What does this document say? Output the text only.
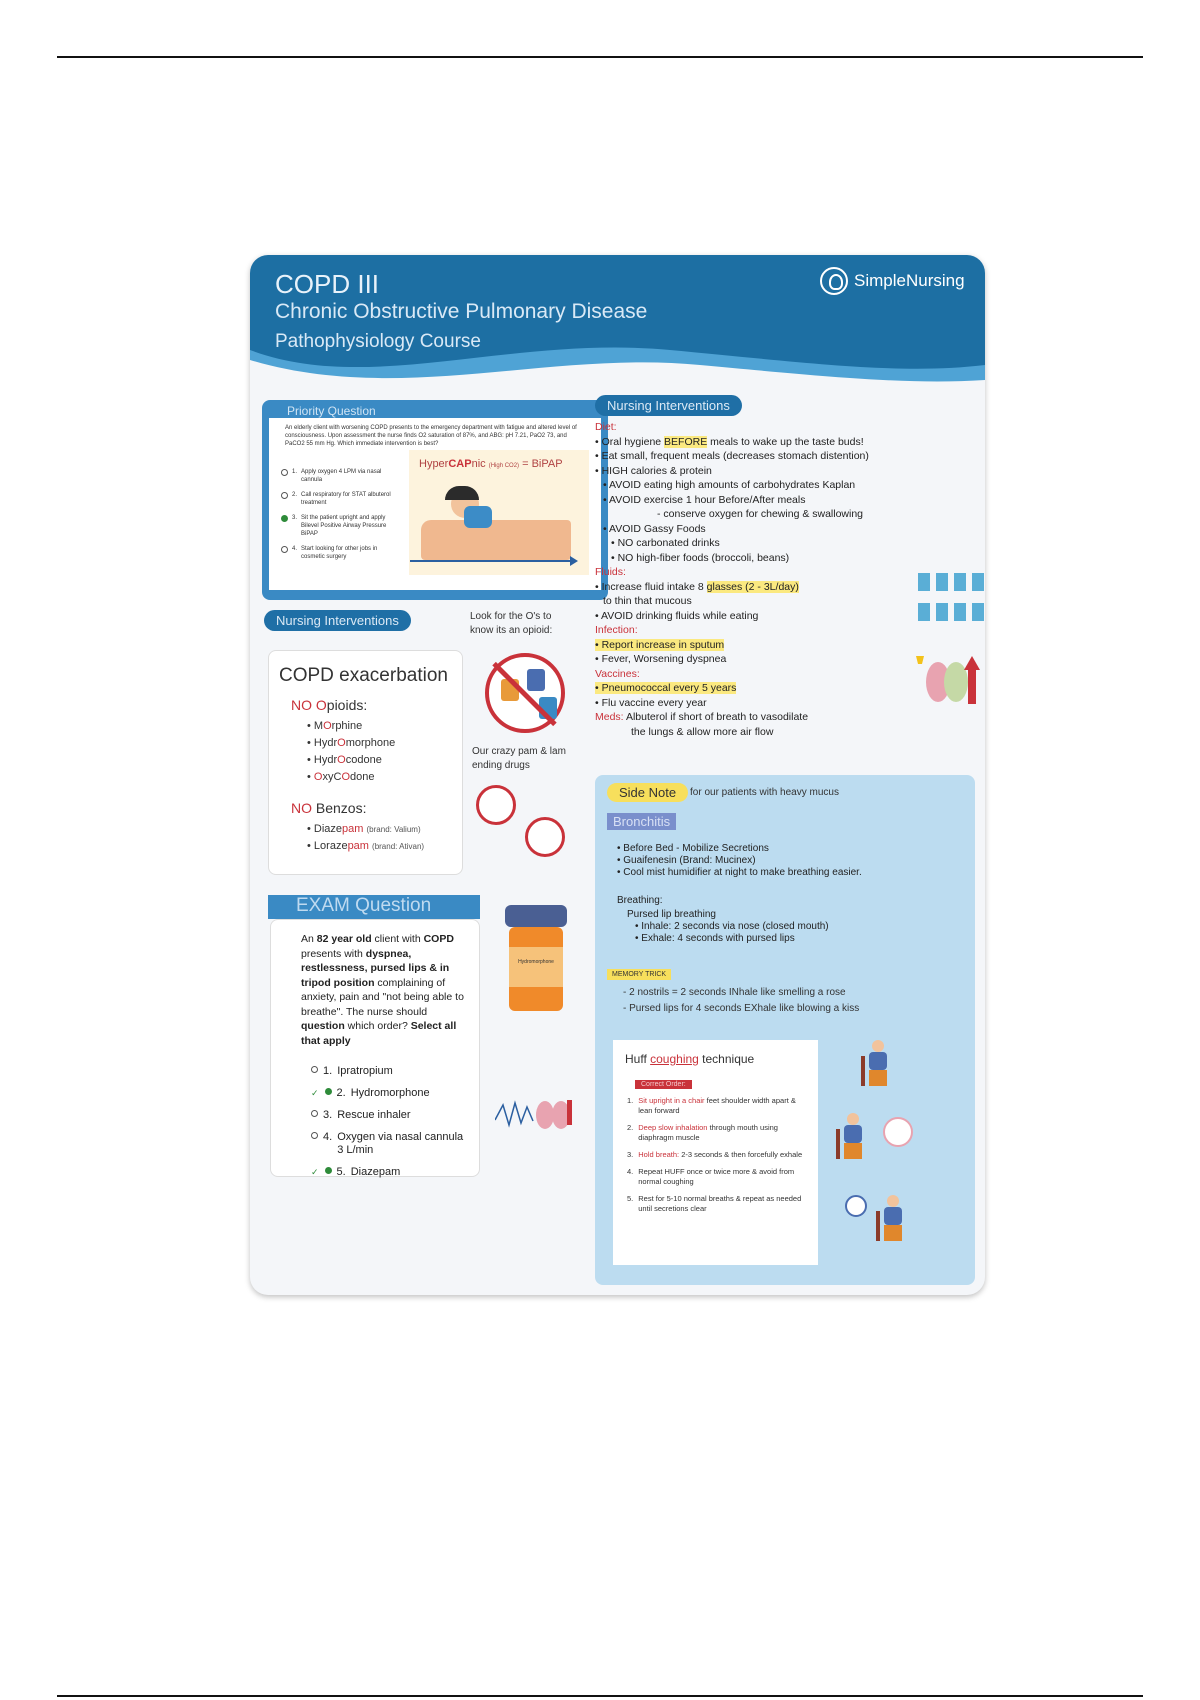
COPD III
Chronic Obstructive Pulmonary Disease
Pathophysiology Course
SimpleNursing
Priority Question
An elderly client with worsening COPD presents to the emergency department with fatigue and altered level of consciousness. Upon assessment the nurse finds O2 saturation of 87%, and ABG: pH 7.21, PaO2 73, and PaCO2 55 mm Hg. Which immediate intervention is best?
1. Apply oxygen 4 LPM via nasal cannula
2. Call respiratory for STAT albuterol treatment
3. Sit the patient upright and apply Bilevel Positive Airway Pressure BiPAP
4. Start looking for other jobs in cosmetic surgery
HyperCAPnic (High CO2) = BiPAP
Nursing Interventions
COPD exacerbation
NO Opioids:
• MOrphine
• HydrOmorphone
• HydrOcodone
• OxyCOdone
NO Benzos:
• Diazepam (brand: Valium)
• Lorazepam (brand: Ativan)
Look for the O's to know its an opioid:
Our crazy pam & lam ending drugs
EXAM Question
An 82 year old client with COPD presents with dyspnea, restlessness, pursed lips & in tripod position complaining of anxiety, pain and "not being able to breathe". The nurse should question which order? Select all that apply
1. Ipratropium
✓ 2. Hydromorphone
3. Rescue inhaler
4. Oxygen via nasal cannula 3 L/min
✓ 5. Diazepam
Hydromorphone
Nursing Interventions
Diet:
• Oral hygiene BEFORE meals to wake up the taste buds!
• Eat small, frequent meals (decreases stomach distention)
• HIGH calories & protein
• AVOID eating high amounts of carbohydrates Kaplan
• AVOID exercise 1 hour Before/After meals
- conserve oxygen for chewing & swallowing
• AVOID Gassy Foods
• NO carbonated drinks
• NO high-fiber foods (broccoli, beans)
Fluids:
• Increase fluid intake 8 glasses (2 - 3L/day)
to thin that mucous
• AVOID drinking fluids while eating
Infection:
• Report increase in sputum
• Fever, Worsening dyspnea
Vaccines:
• Pneumococcal every 5 years
• Flu vaccine every year
Meds: Albuterol if short of breath to vasodilate
the lungs & allow more air flow
Side Note	for our patients with heavy mucus
Bronchitis
• Before Bed - Mobilize Secretions
• Guaifenesin (Brand: Mucinex)
• Cool mist humidifier at night to make breathing easier.
Breathing:
Pursed lip breathing
• Inhale: 2 seconds via nose (closed mouth)
• Exhale: 4 seconds with pursed lips
MEMORY TRICK
- 2 nostrils = 2 seconds INhale like smelling a rose
- Pursed lips for 4 seconds EXhale like blowing a kiss
Huff coughing technique
Correct Order:
1. Sit upright in a chair feet shoulder width apart & lean forward
2. Deep slow inhalation through mouth using diaphragm muscle
3. Hold breath: 2-3 seconds & then forcefully exhale
4. Repeat HUFF once or twice more & avoid from normal coughing
5. Rest for 5-10 normal breaths & repeat as needed until secretions clear
